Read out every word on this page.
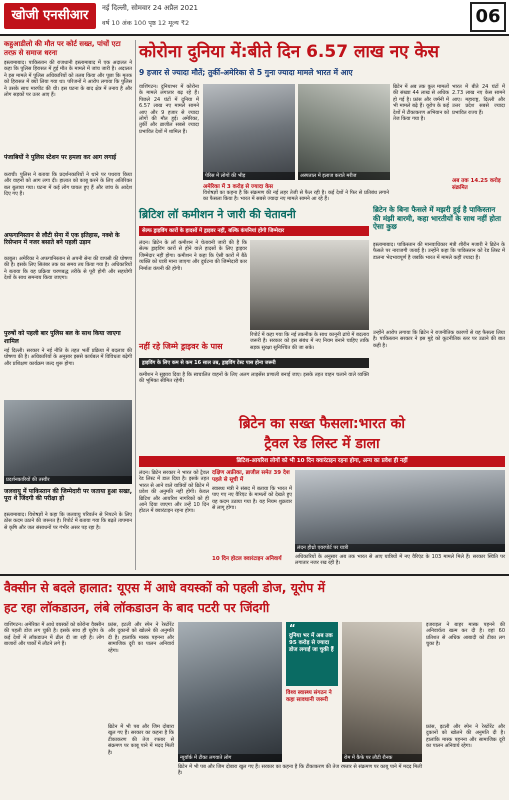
खोजी एनसीआर	नई दिल्ली, सोमवार 24 अप्रैल 2021
वर्ष 10 अंक 100 पृष्ठ 12 मूल्य ₹2	06
कहुआडीलो की मौत पर कोर्ट सख्त, पांचों एटा तरफ़ से समाज धरना
इस्लामाबाद। पाकिस्तान की राजधानी इस्लामाबाद में एक अदालत ने कहा कि पुलिस हिरासत में हुई मौत के मामले में जांच जारी है। अदालत ने इस मामले में पुलिस अधिकारियों को तलब किया और पूछा कि मृतक को हिरासत में क्यों लिया गया था। परिजनों ने आरोप लगाया कि पुलिस ने उसके साथ मारपीट की थी। इस घटना के बाद क्षेत्र में तनाव है और लोग सड़कों पर उतर आए हैं।
पंजाबियों ने पुलिस स्टेशन पर हमला कर आग लगाई
कराची। पुलिस ने बताया कि प्रदर्शनकारियों ने थाने पर पथराव किया और वाहनों को आग लगा दी। हालात को काबू करने के लिए अतिरिक्त बल बुलाया गया। घटना में कई लोग घायल हुए हैं और जांच के आदेश दिए गए हैं।
अफगानिस्तान से लौटी सेना में एक इतिहास, नक्शे के रिसेप्शन में नजर बसाते बने पहली उड़ान
काबुल। अमेरिका ने अफगानिस्तान से अपनी सेना की वापसी की घोषणा की है। इसके लिए सितंबर तक का समय तय किया गया है। अधिकारियों ने बताया कि यह प्रक्रिया चरणबद्ध तरीके से पूरी होगी और सहयोगी देशों के साथ समन्वय किया जाएगा।
पुरुषों को पहली बार पुलिस बल के साथ किया जाएगा शामिल
नई दिल्ली। सरकार ने नई नीति के तहत भर्ती प्रक्रिया में बदलाव की घोषणा की है। अधिकारियों के अनुसार इससे कार्यबल में विविधता बढ़ेगी और प्रशिक्षण कार्यक्रम जल्द शुरू होगा।
प्रदर्शनकारियों की तस्वीर
जलवायु में पाकिस्तान की जिम्मेदारी पर जताया हुआ सख्त, पूरा थे जिंदगी की परीक्षा हो
इस्लामाबाद। विशेषज्ञों ने कहा कि जलवायु परिवर्तन से निपटने के लिए ठोस कदम उठाने की जरूरत है। रिपोर्ट में बताया गया कि बढ़ते तापमान से कृषि और जल संसाधनों पर गंभीर असर पड़ रहा है।
कोरोना दुनिया में:बीते दिन 6.57 लाख नए केस
9 हजार से ज्यादा मौतें; तुर्की-अमेरिका से 5 गुना ज्यादा मामले भारत में आए
वाशिंगटन। दुनियाभर में कोरोना के मामले लगातार बढ़ रहे हैं। पिछले 24 घंटों में दुनिया में 6.57 लाख नए मामले सामने आए और 9 हजार से ज्यादा लोगों की मौत हुई। अमेरिका, तुर्की और ब्राजील सबसे ज्यादा प्रभावित देशों में शामिल हैं।
पेरिस में लोगों की भीड़	अस्पताल में इलाज कराते मरीज
ब्रिटेन में अब तक कुल मामलों की संख्या 44 लाख से अधिक हो गई है। फ्रांस और जर्मनी में भी मामले बढ़े हैं। यूरोप के कई देशों में टीकाकरण अभियान को तेज किया गया है।
भारत में बीते 24 घंटों में 2.73 लाख नए केस सामने आए। महाराष्ट्र, दिल्ली और उत्तर प्रदेश सबसे ज्यादा प्रभावित राज्य हैं।
अमेरिका में 3 करोड़ से ज्यादा केस
विशेषज्ञों का कहना है कि संक्रमण की नई लहर तेजी से फैल रही है। कई देशों ने फिर से प्रतिबंध लगाने का फैसला किया है। भारत में सबसे ज्यादा नए मामले सामने आ रहे हैं।
अब तक 14.25 करोड़ संक्रमित
ब्रिटिश लॉ कमीशन ने जारी की चेतावनी
सेल्फ ड्राइविंग कारों के हादसों में ड्राइवर नहीं, बल्कि कंपनियां होंगी जिम्मेदार
लंदन। ब्रिटेन के लॉ कमीशन ने चेतावनी जारी की है कि सेल्फ ड्राइविंग कारों से होने वाले हादसों के लिए ड्राइवर जिम्मेदार नहीं होगा। कमीशन ने कहा कि ऐसी कारों में बैठे व्यक्ति को यात्री माना जाएगा और दुर्घटना की जिम्मेदारी कार निर्माता कंपनी की होगी।
रिपोर्ट में कहा गया कि नई तकनीक के साथ कानूनी ढांचे में बदलाव जरूरी है। सरकार को इस संबंध में नए नियम बनाने चाहिए ताकि सड़क सुरक्षा सुनिश्चित की जा सके।
नहीं रहे जिम्मे ड्राइवर के पास
ड्राइविंग के लिए कम से कम 16 साल उम्र, ड्राइविंग टेस्ट पास होना जरूरी
कमीशन ने सुझाव दिया है कि स्वचालित वाहनों के लिए अलग लाइसेंस प्रणाली बनाई जाए। इसके तहत वाहन चलाने वाले व्यक्ति की भूमिका सीमित रहेगी।
ब्रिटेन के बिना फैसले में मझरी हुई है पाकिस्तान की मंझी बारमी, कहा भारतीयों के साथ नहीं होता ऐसा कुछ
इस्लामाबाद। पाकिस्तान की मानवाधिकार मंत्री शीरीन मजारी ने ब्रिटेन के फैसले पर नाराजगी जताई है। उन्होंने कहा कि पाकिस्तान को रेड लिस्ट में डालना भेदभावपूर्ण है जबकि भारत में मामले कहीं ज्यादा हैं।
उन्होंने आरोप लगाया कि ब्रिटेन ने राजनीतिक कारणों से यह फैसला लिया है। पाकिस्तान सरकार ने इस मुद्दे को कूटनीतिक स्तर पर उठाने की बात कही है।
ब्रिटेन का सख्त फैसला:भारत को
ट्रैवल रेड लिस्ट में डाला
ब्रिटिश-आयरिश लोगों को भी 10 दिन क्वारंटाइन रहना होगा, अन्य का प्रवेश ही नहीं
लंदन। ब्रिटेन सरकार ने भारत को ट्रैवल रेड लिस्ट में डाल दिया है। इसके तहत भारत से आने वाले यात्रियों को ब्रिटेन में प्रवेश की अनुमति नहीं होगी। केवल ब्रिटिश और आयरिश नागरिकों को ही आने दिया जाएगा और उन्हें 10 दिन होटल में क्वारंटाइन रहना होगा।
दक्षिण अफ्रीका, ब्राजील समेत 39 देश पहले से सूची में
स्वास्थ्य मंत्री ने संसद में बताया कि भारत में पाए गए नए वैरिएंट के मामलों को देखते हुए यह कदम उठाया गया है। यह नियम शुक्रवार से लागू होगा।
10 दिन होटल क्वारंटाइन अनिवार्य
लंदन हीथ्रो एयरपोर्ट पर यात्री
अधिकारियों के अनुसार अब तक भारत से आए यात्रियों में नए वैरिएंट के 103 मामले मिले हैं। सरकार स्थिति पर लगातार नजर रख रही है।
वैक्सीन से बदले हालात: यूएस में आधे वयस्कों को पहली डोज, यूरोप में
हट रहा लॉकडाउन, लंबे लॉकडाउन के बाद पटरी पर जिंदगी
वाशिंगटन। अमेरिका में आधे वयस्कों को कोरोना वैक्सीन की पहली डोज लग चुकी है। इसके साथ ही यूरोप के कई देशों में लॉकडाउन में ढील दी जा रही है। लोग बाजारों और पार्कों में लौटने लगे हैं।
फ्रांस, इटली और स्पेन ने रेस्टोरेंट और दुकानों को खोलने की अनुमति दी है। हालांकि मास्क पहनना और सामाजिक दूरी का पालन अनिवार्य रहेगा।
न्यूयॉर्क में टीका लगवाते लोग
“
दुनिया भर में अब तक 95 करोड़ से ज्यादा डोज लगाई जा चुकी हैं
रोम में कैफे पर लौटी रौनक
इजराइल ने बाहर मास्क पहनने की अनिवार्यता खत्म कर दी है। वहां 60 प्रतिशत से अधिक आबादी को टीका लग चुका है।
ब्रिटेन में भी पब और जिम दोबारा खुल गए हैं। सरकार का कहना है कि टीकाकरण की तेज रफ्तार से संक्रमण पर काबू पाने में मदद मिली है।
विश्व स्वास्थ्य संगठन ने कहा सावधानी जरूरी
फ्रांस, इटली और स्पेन ने रेस्टोरेंट और दुकानों को खोलने की अनुमति दी है। हालांकि मास्क पहनना और सामाजिक दूरी का पालन अनिवार्य रहेगा।
ब्रिटेन में भी पब और जिम दोबारा खुल गए हैं। सरकार का कहना है कि टीकाकरण की तेज रफ्तार से संक्रमण पर काबू पाने में मदद मिली है।
